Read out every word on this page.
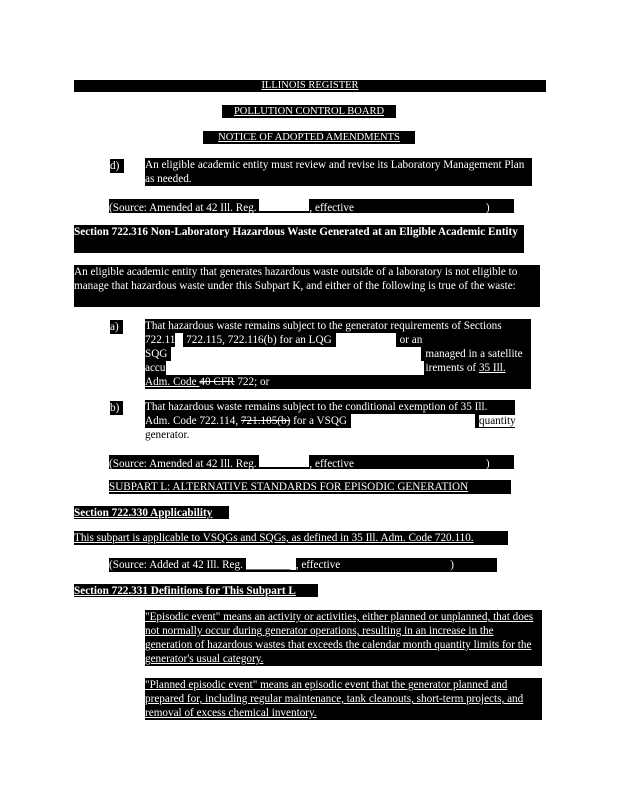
ILLINOIS REGISTER
POLLUTION CONTROL BOARD
NOTICE OF ADOPTED AMENDMENTS
d)	An eligible academic entity must review and revise its Laboratory Management Plan as needed.
(Source: Amended at 42 Ill. Reg.	, effective	)
Section 722.316 Non-Laboratory Hazardous Waste Generated at an Eligible Academic Entity
An eligible academic entity that generates hazardous waste outside of a laboratory is not eligible to manage that hazardous waste under this Subpart K, and either of the following is true of the waste:
a)	That hazardous waste remains subject to the generator requirements of Sections
722.11 722.115, 722.116(b) for an LQG	or an
SQG	managed in a satellite
accu	irements of 35 Ill.
Adm. Code 40 CFR 722; or
b)	That hazardous waste remains subject to the conditional exemption of 35 Ill.
Adm. Code 722.114, 721.105(b) for a VSQG	quantity
generator.
(Source: Amended at 42 Ill. Reg.	, effective	)
SUBPART L: ALTERNATIVE STANDARDS FOR EPISODIC GENERATION
Section 722.330 Applicability
This subpart is applicable to VSQGs and SQGs, as defined in 35 Ill. Adm. Code 720.110.
(Source: Added at 42 Ill. Reg. ________ , effective	)
Section 722.331 Definitions for This Subpart L
"Episodic event" means an activity or activities, either planned or unplanned, that does not normally occur during generator operations, resulting in an increase in the generation of hazardous wastes that exceeds the calendar month quantity limits for the generator's usual category.
"Planned episodic event" means an episodic event that the generator planned and prepared for, including regular maintenance, tank cleanouts, short-term projects, and removal of excess chemical inventory.
